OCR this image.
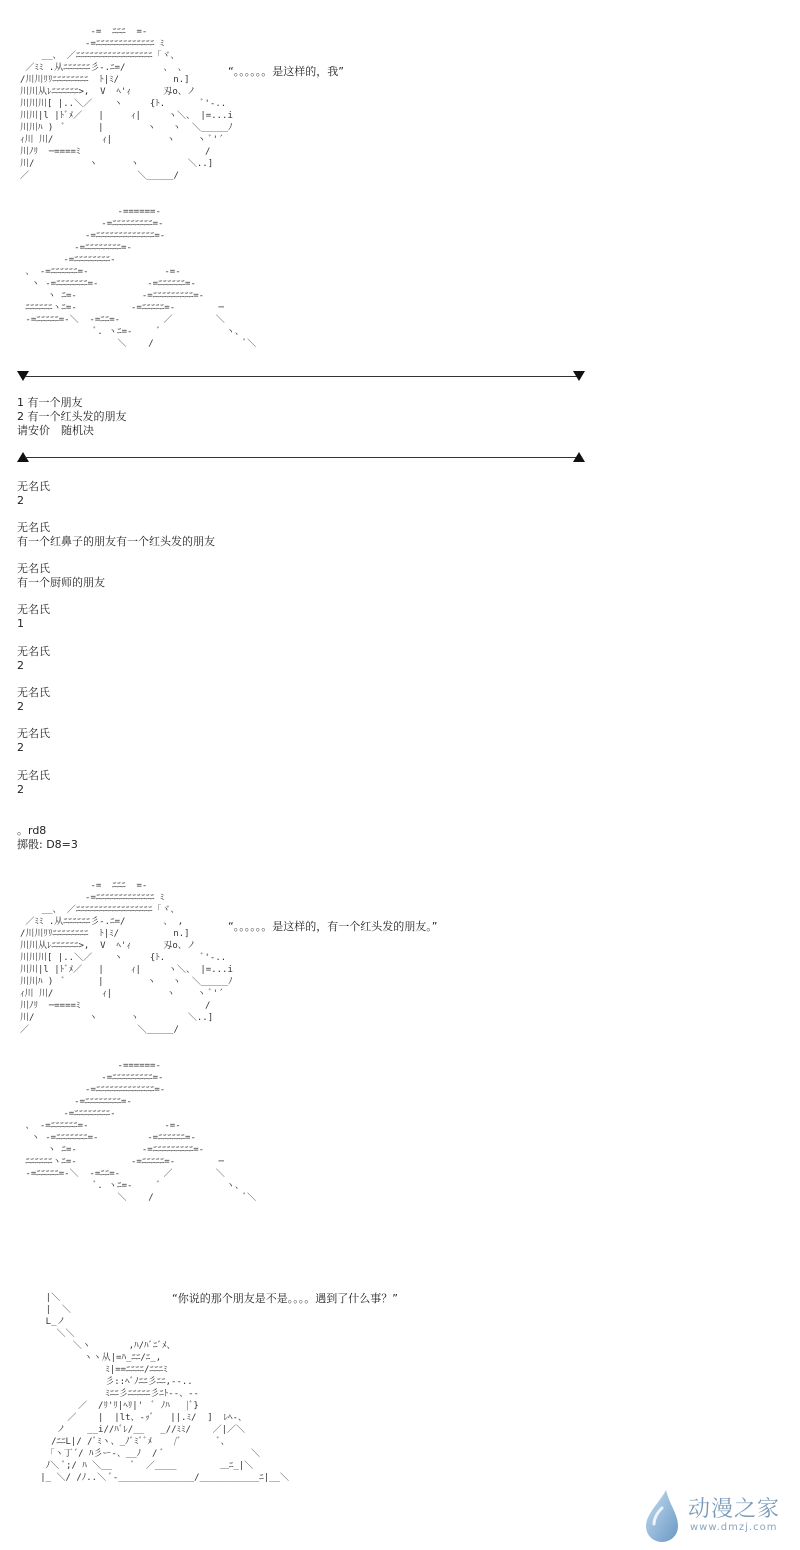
-=  ﾆﾆﾆ  =-
-=ﾆﾆﾆﾆﾆﾆﾆﾆﾆﾆﾆﾆﾆ ﾐ
__、 ／ﾆﾆﾆﾆﾆﾆﾆﾆﾆﾆﾆﾆﾆﾆﾆﾆﾆ「ヾ、
／ﾐﾐ .从ﾆﾆﾆﾆﾆﾆ彡-.ﾆ=/       、 、
/川川ﾘﾘﾆﾆﾆﾆﾆﾆﾆﾆ  ﾄ|ﾐ/          n.]
川川从ﾚﾆﾆﾆﾆﾆﾆ>,  V  ﾍ'ｨ      刄o、ノ
川川川[ |..＼／    ヽ     {ﾄ.       ﾞ'-..
川川|l |ﾄﾞﾒ／   |     ｨ|     ヽ＼、 |=...i
川川ﾊ )  ﾞ      |        ヽ   ヽ  ＼_____ﾉ
ｨ川 川/         ｨ|          ヽ    ヽ ﾞ'´
川ﾉﾘ  ─====ﾐ                       /
川/          ヽ      ヽ         ＼..]
／                    ＼_____/

“。。。。。。是这样的，我”
-======-
-=ﾆﾆﾆﾆﾆﾆﾆﾆﾆ=-
-=ﾆﾆﾆﾆﾆﾆﾆﾆﾆﾆﾆﾆﾆ=-
-=ﾆﾆﾆﾆﾆﾆﾆﾆ=-
-=ﾆﾆﾆﾆﾆﾆﾆﾆ-
、 -=ﾆﾆﾆﾆﾆﾆ=-              -=-
ヽ -=ﾆﾆﾆﾆﾆﾆﾆ=-         -=ﾆﾆﾆﾆﾆﾆ=-
ヽ ﾆ=-            -=ﾆﾆﾆﾆﾆﾆﾆﾆﾆ=-
ﾆﾆﾆﾆﾆﾆヽﾆ=-          -=ﾆﾆﾆﾆﾆ=-        ─
-=ﾆﾆﾆﾆﾆ=-＼  -=ﾆﾆ=-        ／        ＼
ﾞ. ヽﾆ=-     ﾞ            ヽ、
＼    /                 ﾞ＼

1 有一个朋友
2 有一个红头发的朋友
请安价　随机决
无名氏
2
无名氏
有一个红鼻子的朋友有一个红头发的朋友
无名氏
有一个厨师的朋友
无名氏
1
无名氏
2
无名氏
2
无名氏
2
无名氏
2
。rd8
掷骰: D8=3
-=  ﾆﾆﾆ  =-
-=ﾆﾆﾆﾆﾆﾆﾆﾆﾆﾆﾆﾆﾆ ﾐ
__、 ／ﾆﾆﾆﾆﾆﾆﾆﾆﾆﾆﾆﾆﾆﾆﾆﾆﾆ「ヾ、
／ﾐﾐ .从ﾆﾆﾆﾆﾆﾆ彡-.ﾆ=/       、 ,
/川川ﾘﾘﾆﾆﾆﾆﾆﾆﾆﾆ  ﾄ|ﾐ/          n.]
川川从ﾚﾆﾆﾆﾆﾆﾆ>,  V  ﾍ'ｨ      刄o、ノ
川川川[ |..＼／    ヽ     {ﾄ.       ﾞ'-..
川川|l |ﾄﾞﾒ／   |     ｨ|     ヽ＼、 |=...i
川川ﾊ )  ﾞ      |        ヽ   ヽ  ＼_____ﾉ
ｨ川 川/         ｨ|          ヽ    ヽ ﾞ'´
川ﾉﾘ  ─====ﾐ                       /
川/          ヽ      ヽ         ＼..]
／                    ＼_____/

“。。。。。。是这样的，有一个红头发的朋友。”
-======-
-=ﾆﾆﾆﾆﾆﾆﾆﾆﾆ=-
-=ﾆﾆﾆﾆﾆﾆﾆﾆﾆﾆﾆﾆﾆ=-
-=ﾆﾆﾆﾆﾆﾆﾆﾆ=-
-=ﾆﾆﾆﾆﾆﾆﾆﾆ-
、 -=ﾆﾆﾆﾆﾆﾆ=-              -=-
ヽ -=ﾆﾆﾆﾆﾆﾆﾆ=-         -=ﾆﾆﾆﾆﾆﾆ=-
ヽ ﾆ=-            -=ﾆﾆﾆﾆﾆﾆﾆﾆﾆ=-
ﾆﾆﾆﾆﾆﾆヽﾆ=-          -=ﾆﾆﾆﾆﾆ=-        ─
-=ﾆﾆﾆﾆﾆ=-＼  -=ﾆﾆ=-        ／        ＼
ﾞ. ヽﾆ=-     ﾞ            ヽ、
＼    /                 ﾞ＼

“你说的那个朋友是不是。。。。遇到了什么事？”
|＼
|  ＼
L_ノ
＼＼
＼ヽ       ,ﾊ/ﾊﾞﾆﾞﾒ、
ヽヽ从|=ﾊ_ﾆﾆ/ﾆ_,
ﾐ|==ﾆﾆﾆﾆ/ﾆﾆﾆﾐ
彡::ﾍﾞﾉﾆﾆ彡ﾆﾆ,--..
ﾐﾆﾆ彡ﾆﾆﾆﾆﾆ彡ﾆﾄ--、--
／  /ﾘ'ﾘ|ﾍﾘ|'  ﾞ ﾉﾊ   |ﾞ}
／    |  |lt、-ｯﾞ   ||.ﾐ/  ]  ﾚﾍ-、
ノ    __i//ﾊﾞﾚ/__   _//ﾐﾐ/    ／|／＼
/ﾆﾆL|/ /ﾞﾐヽ、_ﾉﾞﾐﾞﾞﾒ    /ﾞ       ﾞ、
「ヽ丁´/ ﾊ彡ー-、__ﾉ  / ﾞ                ＼
ﾉ＼ ﾞ;/ ﾊ ＼__    ﾞ  ／____        ＿ﾆ_|＼
|_ ＼/ /ﾉ..＼ ﾞ-______________/___________ﾆ|__＼

动漫之家
www.dmzj.com
